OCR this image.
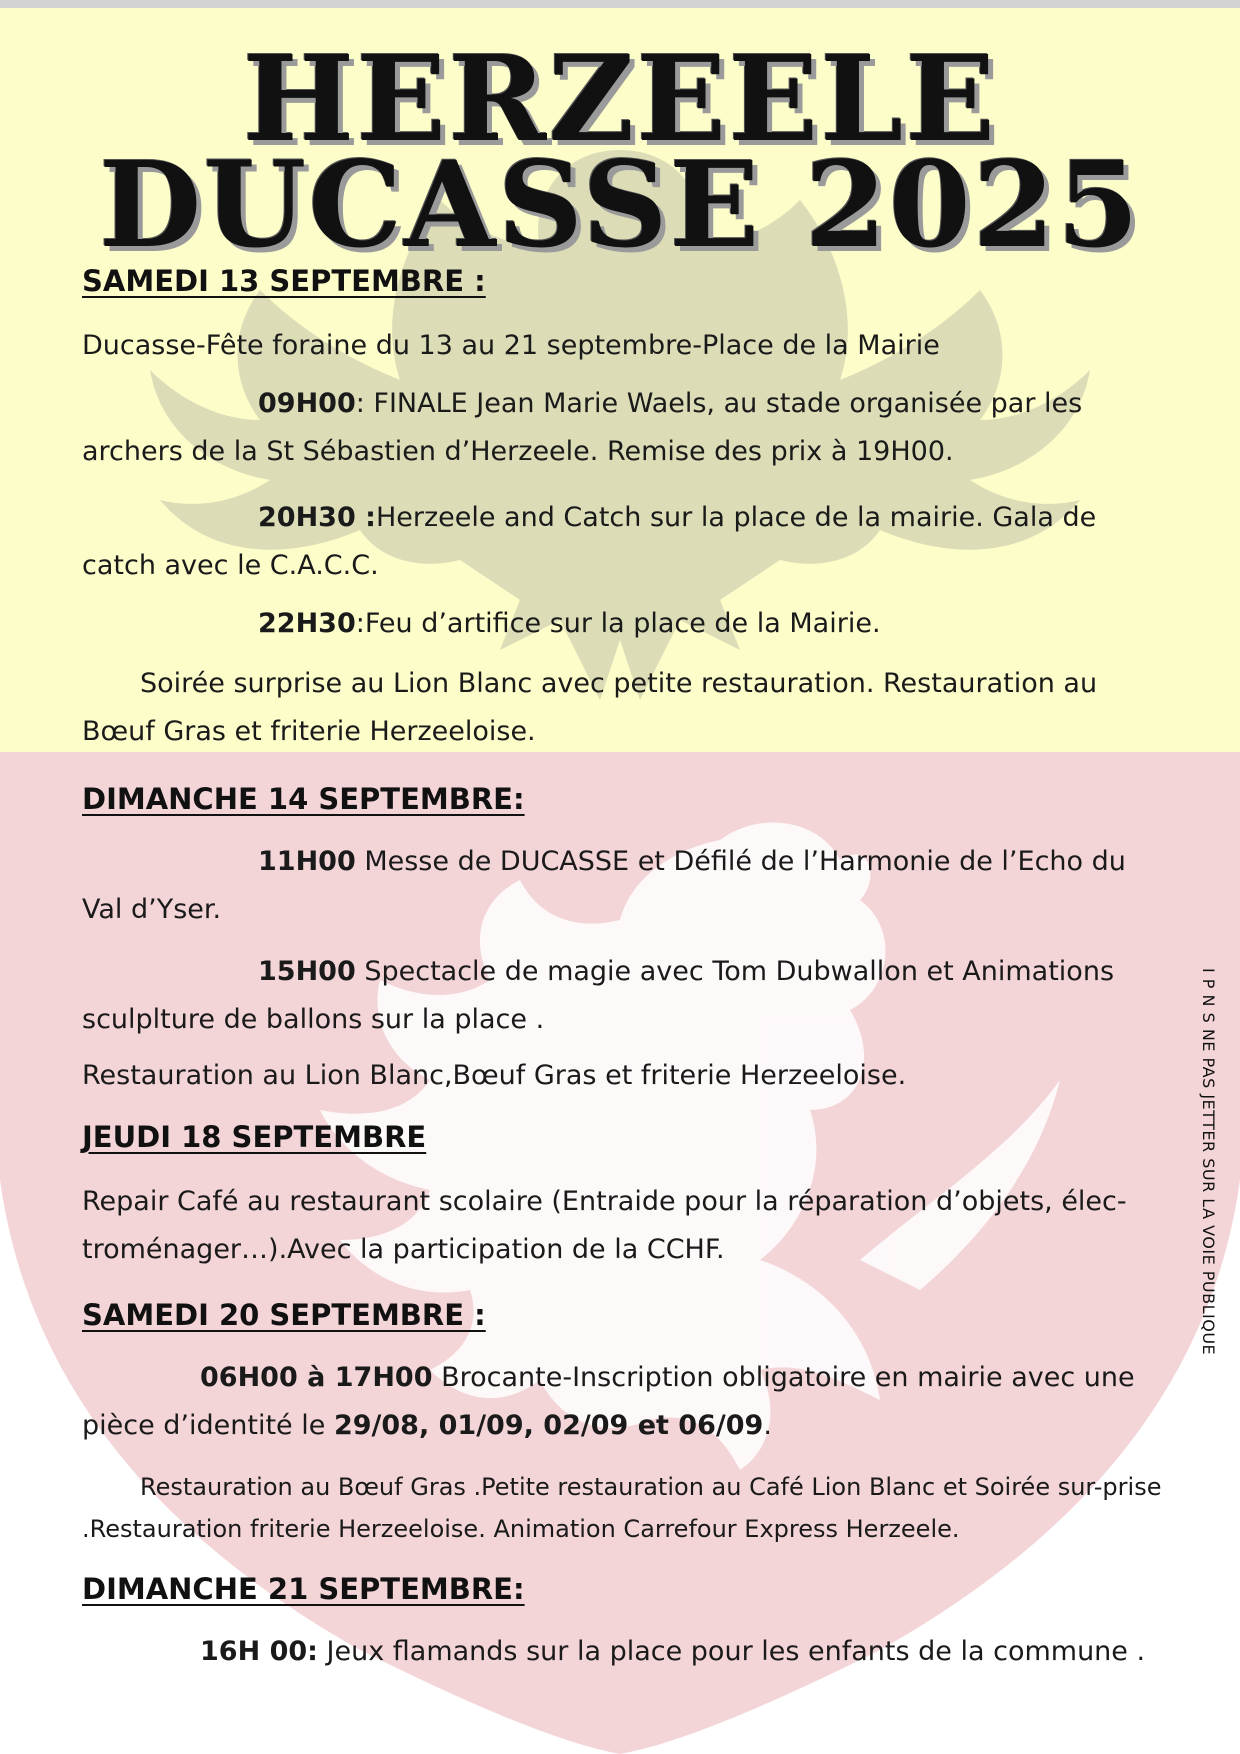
HERZEELE
DUCASSE 2025
SAMEDI 13 SEPTEMBRE :
Ducasse-Fête foraine du 13 au 21 septembre-Place de la Mairie
09H00: FINALE Jean Marie Waels, au stade organisée par les archers de la St Sébastien d’Herzeele. Remise des prix à 19H00.
20H30 :Herzeele and Catch sur la place de la mairie. Gala de catch avec le C.A.C.C.
22H30:Feu d’artifice sur la place de la Mairie.
Soirée surprise au Lion Blanc avec petite restauration. Restauration au Bœuf Gras et friterie Herzeeloise.
DIMANCHE 14 SEPTEMBRE:
11H00 Messe de DUCASSE et Défilé de l’Harmonie de l’Echo du Val d’Yser.
15H00 Spectacle de magie avec Tom Dubwallon et Animations sculplture de ballons sur la place .
Restauration au Lion Blanc,Bœuf Gras et friterie Herzeeloise.
JEUDI 18 SEPTEMBRE
Repair Café au restaurant scolaire (Entraide pour la réparation d’objets, élec-troménager…).Avec la participation de la CCHF.
SAMEDI 20 SEPTEMBRE :
06H00 à 17H00 Brocante-Inscription obligatoire en mairie avec une pièce d’identité le 29/08, 01/09, 02/09 et 06/09.
Restauration au Bœuf Gras .Petite restauration au Café Lion Blanc et Soirée sur-prise .Restauration friterie Herzeeloise. Animation Carrefour Express Herzeele.
DIMANCHE 21 SEPTEMBRE:
16H 00: Jeux flamands sur la place pour les enfants de la commune .
I P N S NE PAS JETTER SUR LA VOIE PUBLIQUE
